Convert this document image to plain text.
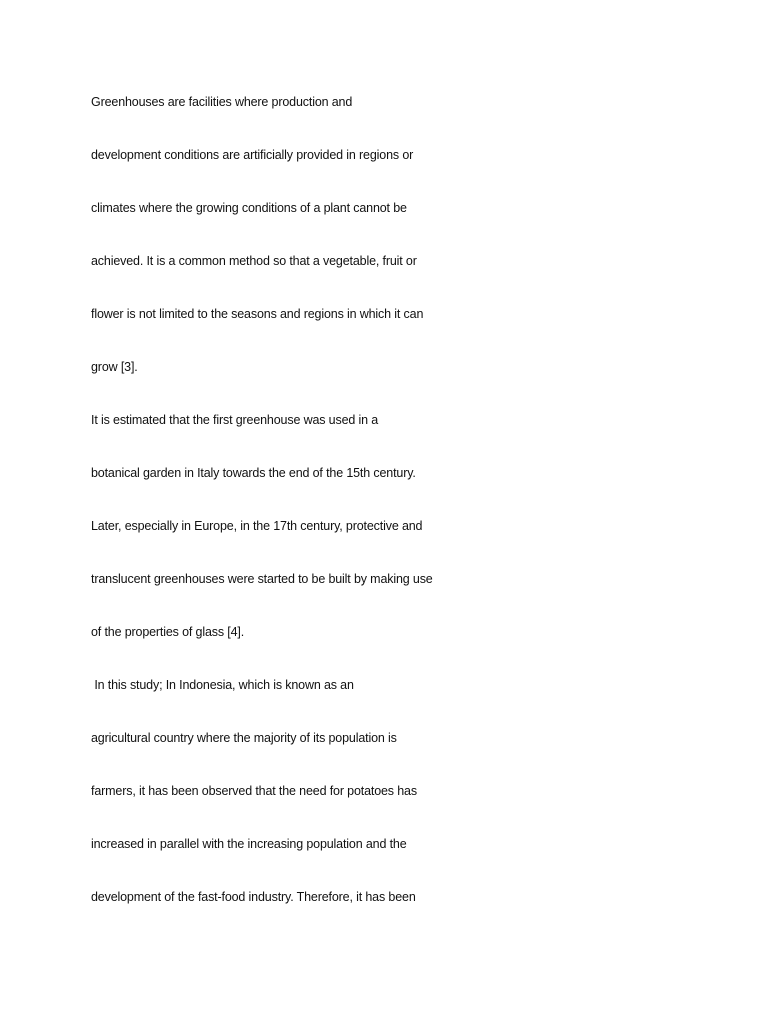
Greenhouses are facilities where production and
development conditions are artificially provided in regions or
climates where the growing conditions of a plant cannot be
achieved. It is a common method so that a vegetable, fruit or
flower is not limited to the seasons and regions in which it can
grow [3].
It is estimated that the first greenhouse was used in a
botanical garden in Italy towards the end of the 15th century.
Later, especially in Europe, in the 17th century, protective and
translucent greenhouses were started to be built by making use
of the properties of glass [4].
In this study; In Indonesia, which is known as an
agricultural country where the majority of its population is
farmers, it has been observed that the need for potatoes has
increased in parallel with the increasing population and the
development of the fast-food industry. Therefore, it has been
